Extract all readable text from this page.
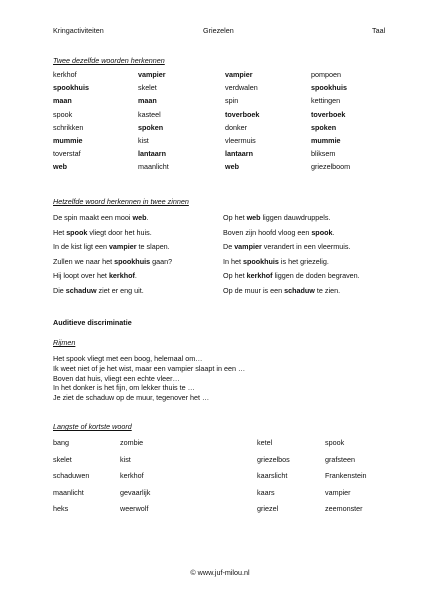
Kringactiviteiten	Griezelen	Taal
Twee dezelfde woorden herkennen
kerkhof	vampier	vampier	pompoen
spookhuis	skelet	verdwalen	spookhuis
maan	maan	spin	kettingen
spook	kasteel	toverboek	toverboek
schrikken	spoken	donker	spoken
mummie	kist	vleermuis	mummie
toverstaf	lantaarn	lantaarn	bliksem
web	maanlicht	web	griezelboom
Hetzelfde woord herkennen in twee zinnen
De spin maakt een mooi web.	Op het web liggen dauwdruppels.
Het spook vliegt door het huis.	Boven zijn hoofd vloog een spook.
In de kist ligt een vampier te slapen.	De vampier verandert in een vleermuis.
Zullen we naar het spookhuis gaan?	In het spookhuis is het griezelig.
Hij loopt over het kerkhof.	Op het kerkhof liggen de doden begraven.
Die schaduw ziet er eng uit.	Op de muur is een schaduw te zien.
Auditieve discriminatie
Rijmen
Het spook vliegt met een boog, helemaal om…
Ik weet niet of je het wist, maar een vampier slaapt in een …
Boven dat huis, vliegt een echte vleer…
In het donker is het fijn, om lekker thuis te …
Je ziet de schaduw op de muur, tegenover het …
Langste of kortste woord
bang	zombie	ketel	spook
skelet	kist	griezelbos	grafsteen
schaduwen	kerkhof	kaarslicht	Frankenstein
maanlicht	gevaarlijk	kaars	vampier
heks	weerwolf	griezel	zeemonster
© www.juf-milou.nl
